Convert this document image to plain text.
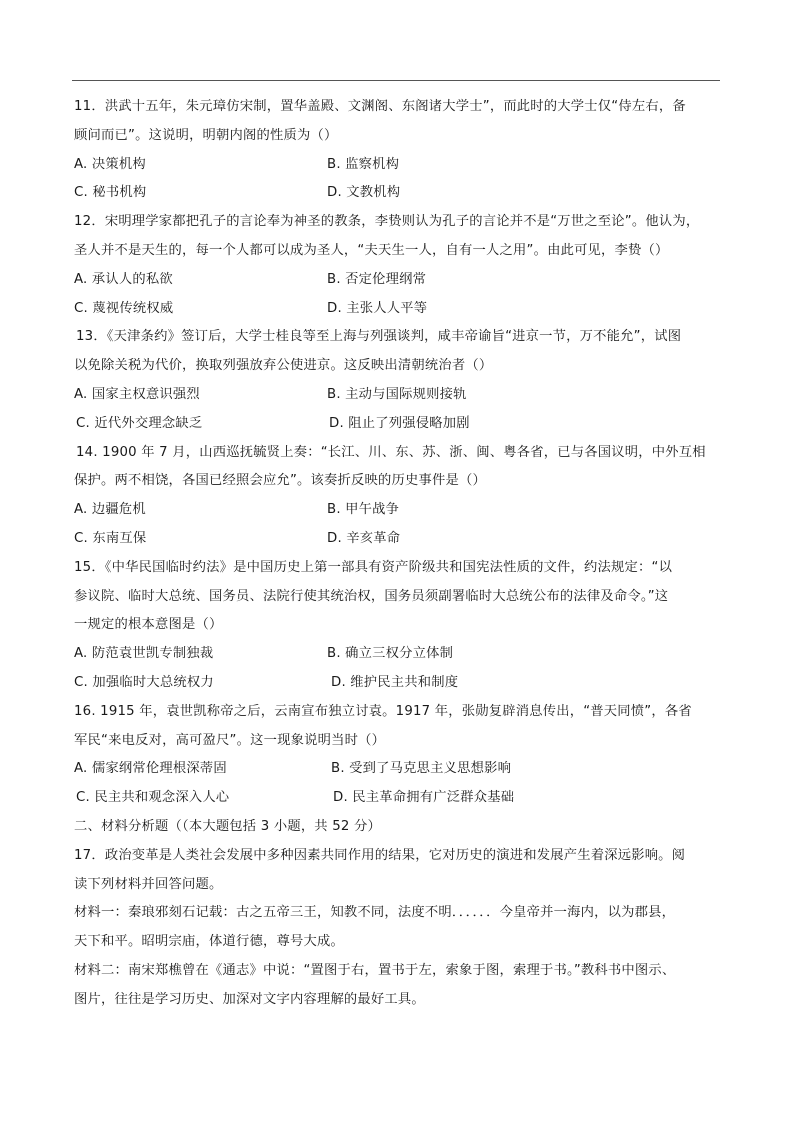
11．洪武十五年，朱元璋仿宋制，置华盖殿、文渊阁、东阁诸大学士”，而此时的大学士仅“侍左右，备
顾问而已”。这说明，明朝内阁的性质为（）
A. 决策机构	B. 监察机构
C. 秘书机构	D. 文教机构
12．宋明理学家都把孔子的言论奉为神圣的教条，李贽则认为孔子的言论并不是“万世之至论”。他认为，
圣人并不是天生的，每一个人都可以成为圣人，“夫天生一人，自有一人之用”。由此可见，李贽（）
A. 承认人的私欲	B. 否定伦理纲常
C. 蔑视传统权威	D. 主张人人平等
13．《天津条约》签订后，大学士桂良等至上海与列强谈判，咸丰帝谕旨“进京一节，万不能允”，试图
以免除关税为代价，换取列强放弃公使进京。这反映出清朝统治者（）
A. 国家主权意识强烈	B. 主动与国际规则接轨
C. 近代外交理念缺乏	D. 阻止了列强侵略加剧
14. 1900 年 7 月，山西巡抚毓贤上奏：“长江、川、东、苏、浙、闽、粤各省，已与各国议明，中外互相
保护。两不相饶，各国已经照会应允”。该奏折反映的历史事件是（）
A. 边疆危机	B. 甲午战争
C. 东南互保	D. 辛亥革命
15．《中华民国临时约法》是中国历史上第一部具有资产阶级共和国宪法性质的文件，约法规定：“以
参议院、临时大总统、国务员、法院行使其统治权，国务员须副署临时大总统公布的法律及命令。”这
一规定的根本意图是（）
A. 防范袁世凯专制独裁	B. 确立三权分立体制
C. 加强临时大总统权力	D. 维护民主共和制度
16. 1915 年，袁世凯称帝之后，云南宣布独立讨袁。1917 年，张勋复辟消息传出，“普天同愤”，各省
军民“来电反对，高可盈尺”。这一现象说明当时（）
A. 儒家纲常伦理根深蒂固	B. 受到了马克思主义思想影响
C. 民主共和观念深入人心	D. 民主革命拥有广泛群众基础
二、材料分析题（（本大题包括 3 小题，共 52 分）
17．政治变革是人类社会发展中多种因素共同作用的结果，它对历史的演进和发展产生着深远影响。阅
读下列材料并回答问题。
材料一：秦琅邪刻石记载：古之五帝三王，知教不同，法度不明．．．．．．今皇帝并一海内，以为郡县，
天下和平。昭明宗庙，体道行德，尊号大成。
材料二：南宋郑樵曾在《通志》中说：“置图于右，置书于左，索象于图，索理于书。”教科书中图示、
图片，往往是学习历史、加深对文字内容理解的最好工具。
